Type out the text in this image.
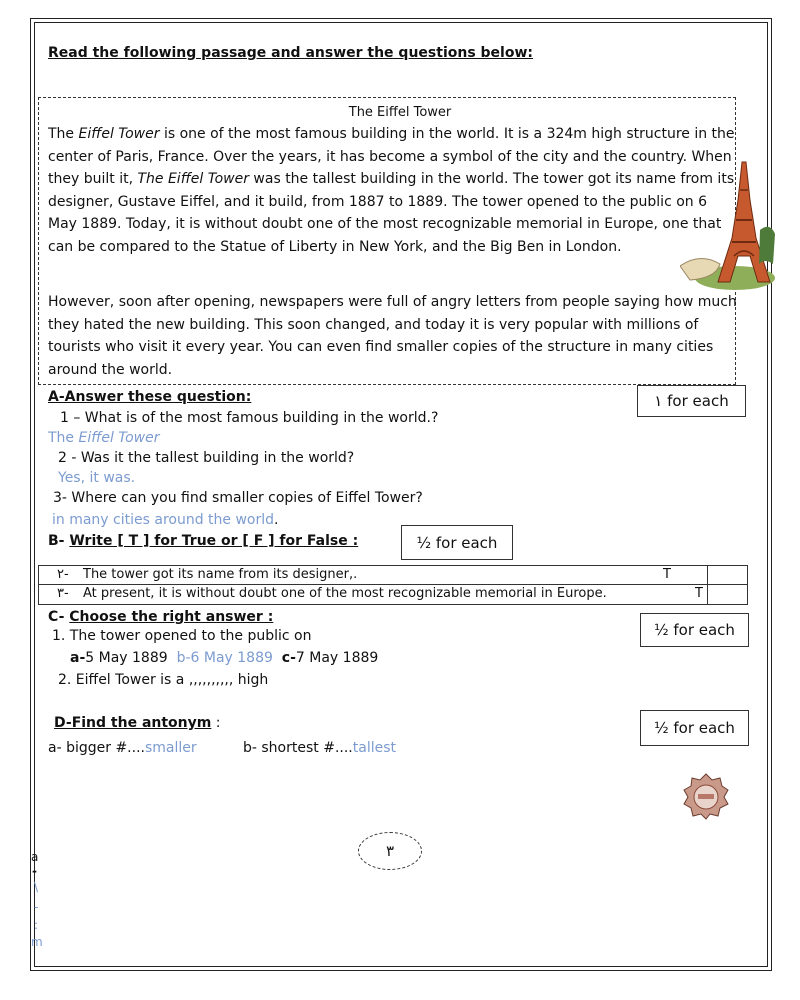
Read the following passage and answer the questions below:
The Eiffel Tower
The Eiffel Tower is one of the most famous building in the world. It is a 324m high structure in the center of Paris, France. Over the years, it has become a symbol of the city and the country. When they built it, The Eiffel Tower was the tallest building in the world. The tower got its name from its designer, Gustave Eiffel, and it build, from 1887 to 1889. The tower opened to the public on 6 May 1889. Today, it is without doubt one of the most recognizable memorial in Europe, one that can be compared to the Statue of Liberty in New York, and the Big Ben in London.
However, soon after opening, newspapers were full of angry letters from people saying how much they hated the new building. This soon changed, and today it is very popular with millions of tourists who visit it every year. You can even find smaller copies of the structure in many cities around the world.
A-Answer these question:	١ for each
1 – What is of the most famous building in the world.?
The Eiffel Tower
2 - Was it the tallest building in the world?
Yes, it was.
3- Where can you find smaller copies of Eiffel Tower?
in many cities around the world.
B- Write [ T ] for True or [ F ] for False :	½ for each
٢- The tower got its name from its designer,.	T
٣- At present, it is without doubt one of the most recognizable memorial in Europe.	T
C- Choose the right answer :
½ for each
1. The tower opened to the public on
a-5 May 1889 b-6 May 1889 c-7 May 1889
2. Eiffel Tower is a ,,,,,,,,,, high
D-Find the antonym :	½ for each
a- bigger #....smaller	b- shortest #....tallest
٣
a
-
\
-
:
m
